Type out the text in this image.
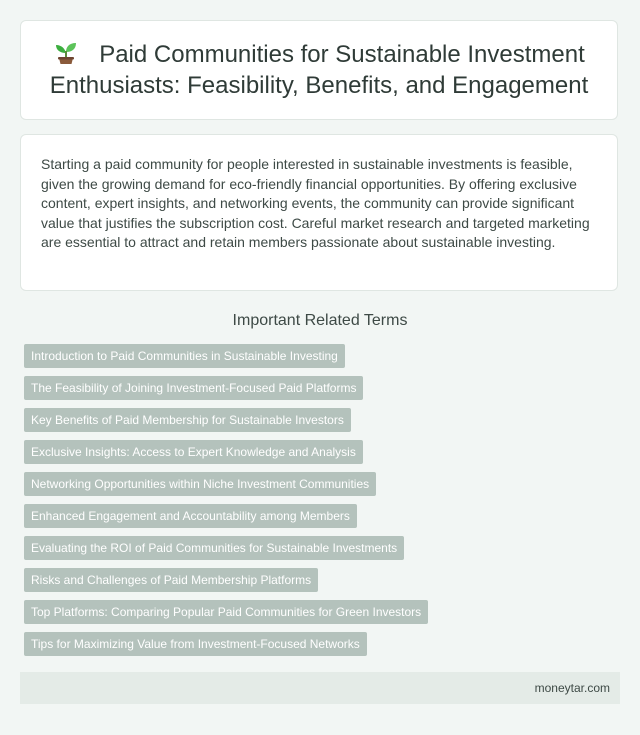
Paid Communities for Sustainable Investment Enthusiasts: Feasibility, Benefits, and Engagement

Starting a paid community for people interested in sustainable investments is feasible, given the growing demand for eco-friendly financial opportunities. By offering exclusive content, expert insights, and networking events, the community can provide significant value that justifies the subscription cost. Careful market research and targeted marketing are essential to attract and retain members passionate about sustainable investing.

Important Related Terms
Introduction to Paid Communities in Sustainable Investing
The Feasibility of Joining Investment-Focused Paid Platforms
Key Benefits of Paid Membership for Sustainable Investors
Exclusive Insights: Access to Expert Knowledge and Analysis
Networking Opportunities within Niche Investment Communities
Enhanced Engagement and Accountability among Members
Evaluating the ROI of Paid Communities for Sustainable Investments
Risks and Challenges of Paid Membership Platforms
Top Platforms: Comparing Popular Paid Communities for Green Investors
Tips for Maximizing Value from Investment-Focused Networks
moneytar.com
